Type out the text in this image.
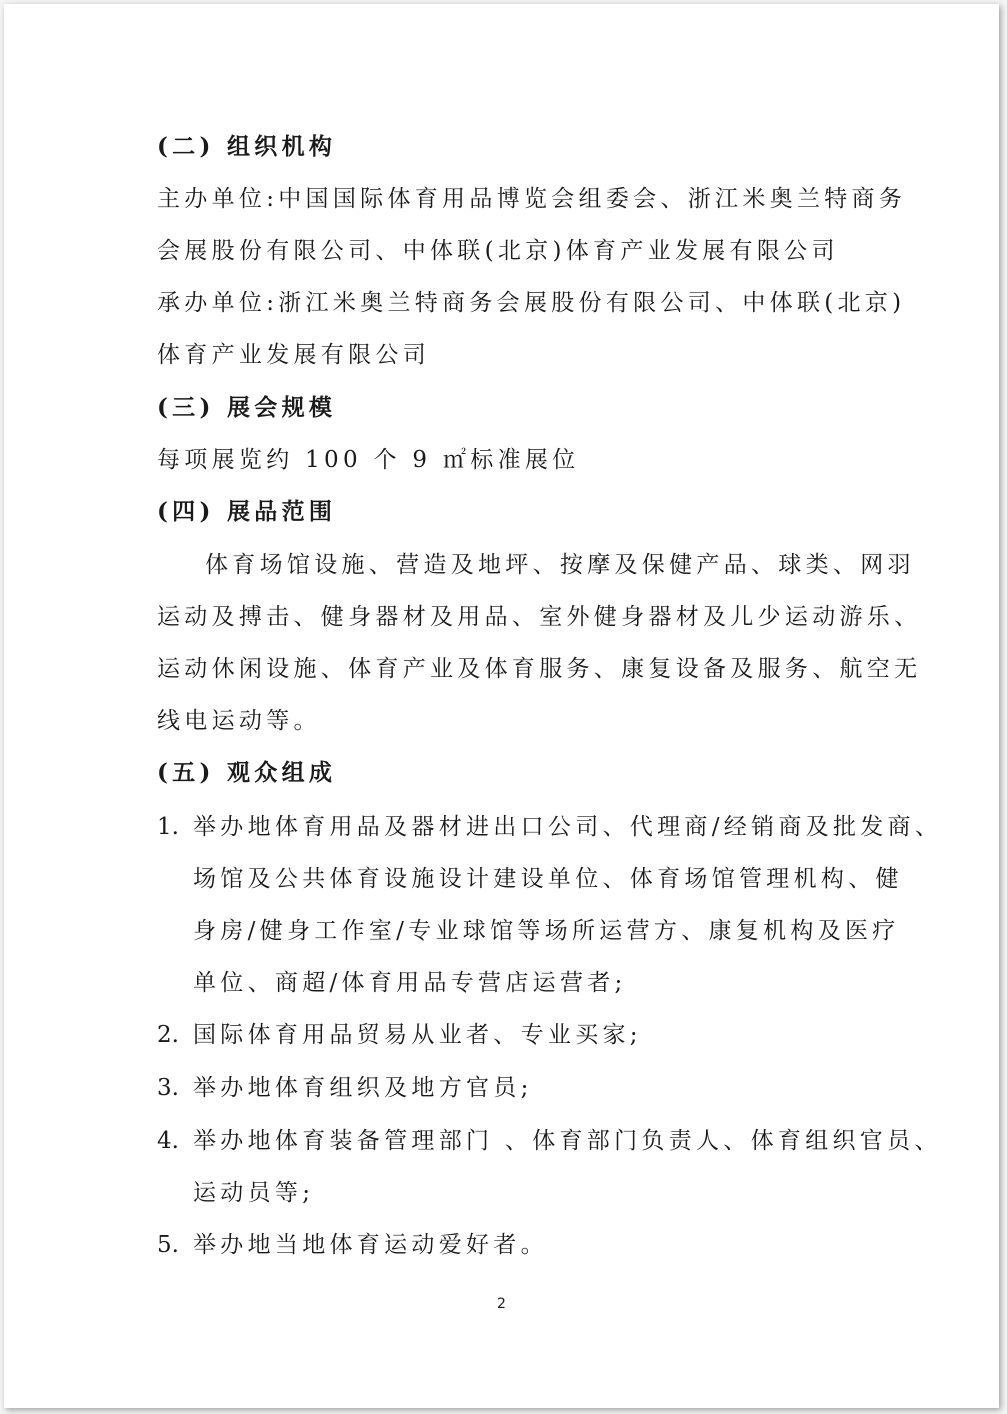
(二) 组织机构
主办单位:中国国际体育用品博览会组委会、浙江米奥兰特商务
会展股份有限公司、中体联(北京)体育产业发展有限公司
承办单位:浙江米奥兰特商务会展股份有限公司、中体联(北京)
体育产业发展有限公司
(三) 展会规模
每项展览约 100 个 9 ㎡标准展位
(四) 展品范围
体育场馆设施、营造及地坪、按摩及保健产品、球类、网羽
运动及搏击、健身器材及用品、室外健身器材及儿少运动游乐、
运动休闲设施、体育产业及体育服务、康复设备及服务、航空无
线电运动等。
(五) 观众组成
1. 举办地体育用品及器材进出口公司、代理商/经销商及批发商、
场馆及公共体育设施设计建设单位、体育场馆管理机构、健
身房/健身工作室/专业球馆等场所运营方、康复机构及医疗
单位、商超/体育用品专营店运营者;
2. 国际体育用品贸易从业者、专业买家;
3. 举办地体育组织及地方官员;
4. 举办地体育装备管理部门 、体育部门负责人、体育组织官员、
运动员等;
5. 举办地当地体育运动爱好者。
2
